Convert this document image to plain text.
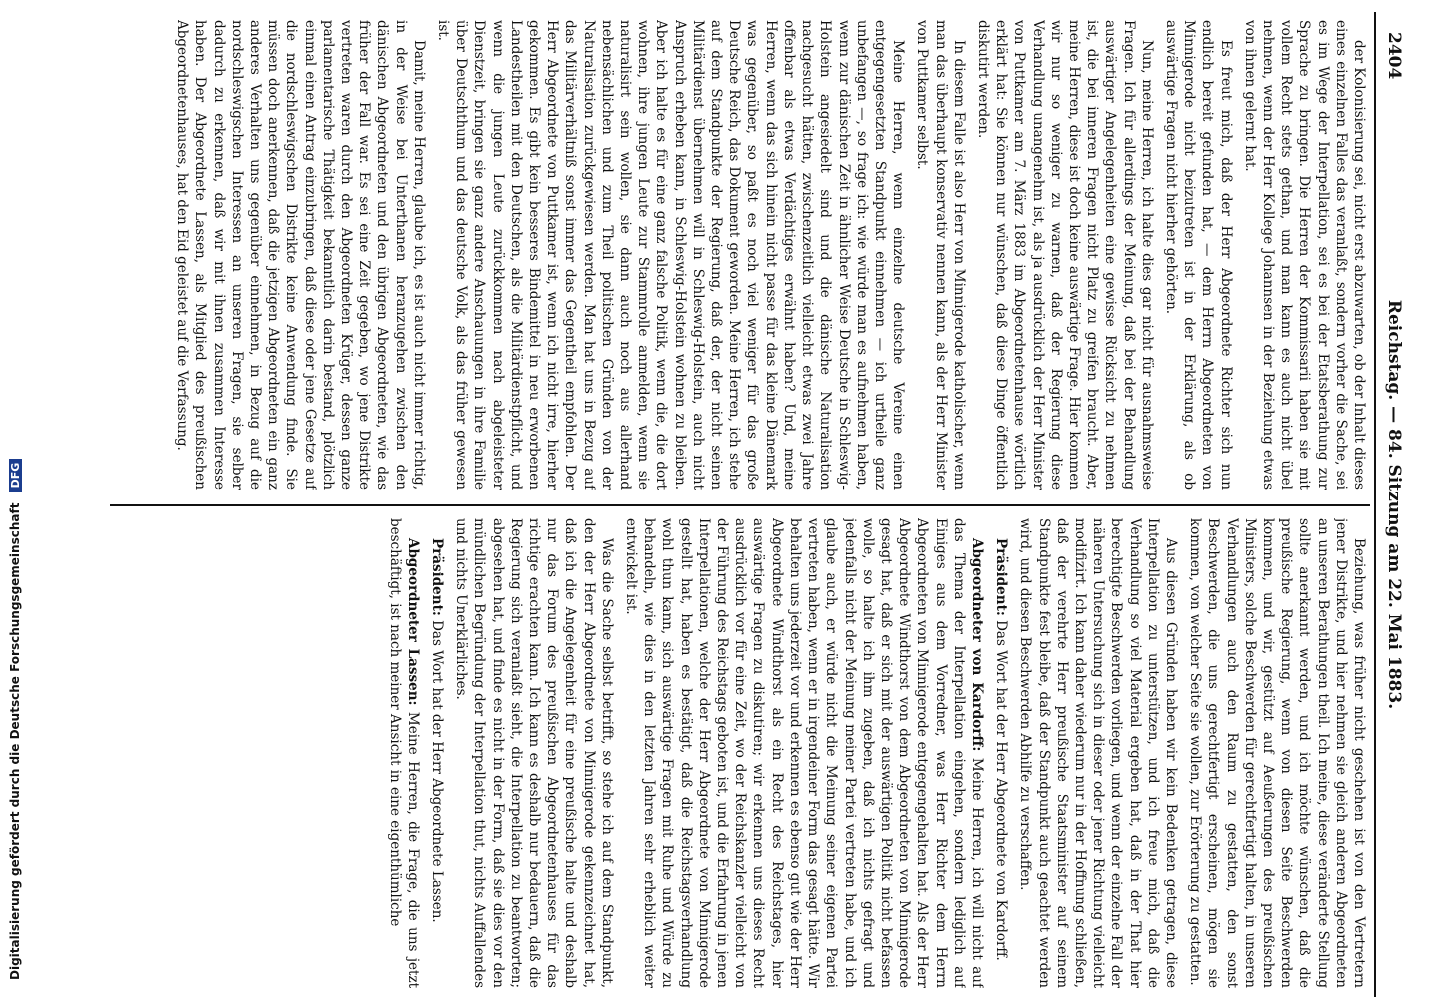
2404
Reichstag. — 84. Sitzung am 22. Mai 1883.

der Kolonisierung sei, nicht erst abzuwarten, ob der Inhalt dieses eines einzelnen Falles das veranlaßt, sondern vorher die Sache, sei es im Wege der Interpellation, sei es bei der Etatsberathung zur Sprache zu bringen. Die Herren der Kommissarii haben sie mit vollem Recht stets gethan, und man kann es auch nicht übel nehmen, wenn der Herr Kollege Johannsen in der Beziehung etwas von ihnen gelernt hat.

Es freut mich, daß der Herr Abgeordnete Richter sich nun endlich bereit gefunden hat, — dem Herrn Abgeordneten von Minnigerode nicht beizutreten ist in der Erklärung, als ob auswärtige Fragen nicht hierher gehörten.

Nun, meine Herren, ich halte dies gar nicht für ausnahmsweise Fragen. Ich für allerdings der Meinung, daß bei der Behandlung auswärtiger Angelegenheiten eine gewisse Rücksicht zu nehmen ist, die bei inneren Fragen nicht Platz zu greifen braucht. Aber, meine Herren, diese ist doch keine auswärtige Frage. Hier kommen wir nur so weniger zu warnen, daß der Regierung diese Verhandlung unangenehm ist, als ja ausdrücklich der Herr Minister von Puttkamer am 7. März 1883 im Abgeordnetenhause wörtlich erklärt hat: Sie können nur wünschen, daß diese Dinge öffentlich diskutirt werden.

In diesem Falle ist also Herr von Minnigerode katholischer, wenn man das überhaupt konservativ nennen kann, als der Herr Minister von Puttkamer selbst.

Meine Herren, wenn einzelne deutsche Vereine einen entgegengesetzten Standpunkt einnehmen — ich urtheile ganz unbefangen —, so frage ich: wie würde man es aufnehmen haben, wenn zur dänischen Zeit in ähnlicher Weise Deutsche in Schleswig-Holstein angesiedelt sind und die dänische Naturalisation nachgesucht hätten, zwischenzeitlich vielleicht etwas zwei Jahre offenbar als etwas Verdächtiges erwähnt haben? Und, meine Herren, wenn das sich hinein nicht passe für das kleine Dänemark was gegenüber, so paßt es noch viel weniger für das große Deutsche Reich, das Dokument geworden. Meine Herren, ich stehe auf dem Standpunkte der Regierung, daß der, der nicht seinen Militärdienst übernehmen will in Schleswig-Holstein, auch nicht Anspruch erheben kann, in Schleswig-Holstein wohnen zu bleiben. Aber ich halte es für eine ganz falsche Politik, wenn die, die dort wohnen, ihre jungen Leute zur Stammrolle anmelden, wenn sie naturalisirt sein wollen, sie dann auch noch aus allerhand nebensächlichen und zum Theil politischen Gründen von der Naturalisation zurückgewiesen werden. Man hat uns in Bezug auf das Militärverhältniß sonst immer das Gegentheil empfohlen. Der Herr Abgeordnete von Puttkamer ist, wenn ich nicht irre, hierher gekommen. Es gibt kein besseres Bindemittel in neu erworbenen Landestheilen mit den Deutschen, als die Militärdienstpflicht, und wenn die jungen Leute zurückkommen nach abgeleisteter Dienstzeit, bringen sie ganz andere Anschauungen in ihre Familie über Deutschthum und das deutsche Volk, als das früher gewesen ist.

Damit, meine Herren, glaube ich, es ist auch nicht immer richtig, in der Weise bei Unterthanen heranzugehen zwischen den dänischen Abgeordneten und den übrigen Abgeordneten, wie das früher der Fall war. Es sei eine Zeit gegeben, wo jene Distrikte vertreten waren durch den Abgeordneten Krüger, dessen ganze parlamentarische Thätigkeit bekanntlich darin bestand, plötzlich einmal einen Antrag einzubringen, daß diese oder jene Gesetze auf die nordschleswigschen Distrikte keine Anwendung finde. Sie müssen doch anerkennen, daß die jetzigen Abgeordneten ein ganz anderes Verhalten uns gegenüber einnehmen, in Bezug auf die nordschleswigschen Interessen an unseren Fragen, sie selber dadurch zu erkennen, daß wir mit ihnen zusammen Interesse haben. Der Abgeordnete Lassen, als Mitglied des preußischen Abgeordnetenhauses, hat den Eid geleistet auf die Verfassung.

Beziehung, was früher nicht geschehen ist von den Vertretern jener Distrikte, und hier nehmen sie gleich anderen Abgeordneten an unseren Berathungen theil. Ich meine, diese veränderte Stellung sollte anerkannt werden, und ich möchte wünschen, daß die preußische Regierung, wenn von diesen Seite Beschwerden kommen, und wir, gestützt auf Aeußerungen des preußischen Ministers, solche Beschwerden für gerechtfertigt halten, in unseren Verhandlungen auch den Raum zu gestatten, den sonst Beschwerden, die uns gerechtfertigt erscheinen, mögen sie kommen, von welcher Seite sie wollen, zur Erörterung zu gestatten.

Aus diesen Gründen haben wir kein Bedenken getragen, diese Interpellation zu unterstützen, und ich freue mich, daß die Verhandlung so viel Material ergeben hat, daß in der That hier berechtigte Beschwerden vorliegen, und wenn der einzelne Fall der näheren Untersuchung sich in dieser oder jener Richtung vielleicht modifizirt. Ich kann daher wiederum nur in der Hoffnung schließen, daß der verehrte Herr preußische Staatsminister auf seinem Standpunkte fest bleibe, daß der Standpunkt auch geachtet werden wird, und diesen Beschwerden Abhilfe zu verschaffen.

Präsident: Das Wort hat der Herr Abgeordnete von Kardorff.

Abgeordneter von Kardorff: Meine Herren, ich will nicht auf das Thema der Interpellation eingehen, sondern lediglich auf Einiges aus dem Vorredner, was Herr Richter dem Herrn Abgeordneten von Minnigerode entgegengehalten hat. Als der Herr Abgeordnete Windthorst von dem Abgeordneten von Minnigerode gesagt hat, daß er sich mit der auswärtigen Politik nicht befassen wolle, so halte ich ihm zugeben, daß ich nichts gefragt und jedenfalls nicht der Meinung meiner Partei vertreten habe, und ich glaube auch, er würde nicht die Meinung seiner eigenen Partei vertreten haben, wenn er in irgendeiner Form das gesagt hätte. Wir behalten uns jederzeit vor und erkennen es ebenso gut wie der Herr Abgeordnete Windthorst als ein Recht des Reichstages, hier auswärtige Fragen zu diskutiren; wir erkennen uns dieses Recht ausdrücklich vor für eine Zeit, wo der Reichskanzler vielleicht von der Führung des Reichstags geboten ist, und die Erfahrung in jenen Interpellationen, welche der Herr Abgeordnete von Minnigerode gestellt hat, haben es bestätigt, daß die Reichstagsverhandlung wohl thun kann, sich auswärtige Fragen mit Ruhe und Würde zu behandeln, wie dies in den letzten Jahren sehr erheblich weiter entwickelt ist.

Was die Sache selbst betrifft, so stehe ich auf dem Standpunkt, den der Herr Abgeordnete von Minnigerode gekennzeichnet hat, daß ich die Angelegenheit für eine preußische halte und deshalb nur das Forum des preußischen Abgeordnetenhauses für das richtige erachten kann. Ich kann es deshalb nur bedauern, daß die Regierung sich veranlaßt sieht, die Interpellation zu beantworten; abgesehen hat, und finde es nicht in der Form, daß sie dies vor den mündlichen Begründung der Interpellation thut, nichts Auffallendes und nichts Unerklärliches.

Präsident: Das Wort hat der Herr Abgeordnete Lassen.

Abgeordneter Lassen: Meine Herren, die Frage, die uns jetzt beschäftigt, ist nach meiner Ansicht in eine eigenthümliche

Digitalisierung gefördert durch die Deutsche Forschungsgemeinschaft DFG
